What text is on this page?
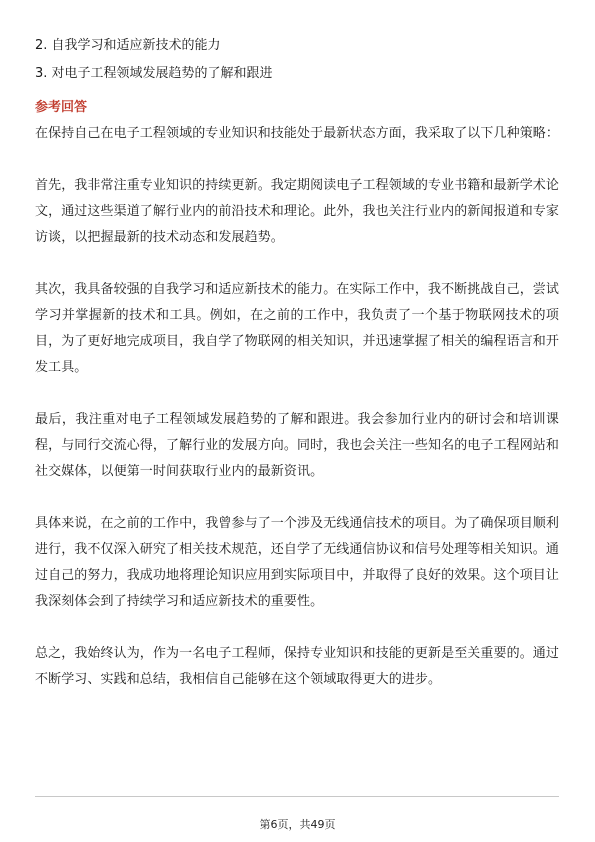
2. 自我学习和适应新技术的能力
3. 对电子工程领域发展趋势的了解和跟进
参考回答

在保持自己在电子工程领域的专业知识和技能处于最新状态方面，我采取了以下几种策略：

首先，我非常注重专业知识的持续更新。我定期阅读电子工程领域的专业书籍和最新学术论文，通过这些渠道了解行业内的前沿技术和理论。此外，我也关注行业内的新闻报道和专家访谈，以把握最新的技术动态和发展趋势。

其次，我具备较强的自我学习和适应新技术的能力。在实际工作中，我不断挑战自己，尝试学习并掌握新的技术和工具。例如，在之前的工作中，我负责了一个基于物联网技术的项目，为了更好地完成项目，我自学了物联网的相关知识，并迅速掌握了相关的编程语言和开发工具。

最后，我注重对电子工程领域发展趋势的了解和跟进。我会参加行业内的研讨会和培训课程，与同行交流心得，了解行业的发展方向。同时，我也会关注一些知名的电子工程网站和社交媒体，以便第一时间获取行业内的最新资讯。

具体来说，在之前的工作中，我曾参与了一个涉及无线通信技术的项目。为了确保项目顺利进行，我不仅深入研究了相关技术规范，还自学了无线通信协议和信号处理等相关知识。通过自己的努力，我成功地将理论知识应用到实际项目中，并取得了良好的效果。这个项目让我深刻体会到了持续学习和适应新技术的重要性。

总之，我始终认为，作为一名电子工程师，保持专业知识和技能的更新是至关重要的。通过不断学习、实践和总结，我相信自己能够在这个领域取得更大的进步。

第6页，共49页
